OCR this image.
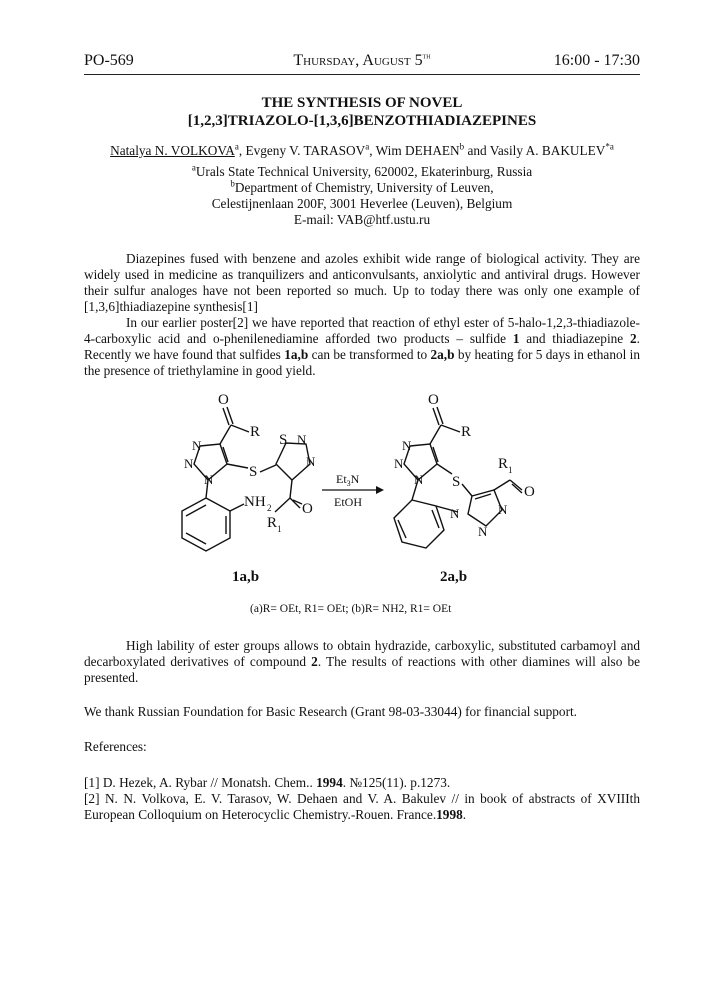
PO-569	Thursday, August 5th	16:00 - 17:30
THE SYNTHESIS OF NOVEL
[1,2,3]TRIAZOLO-[1,3,6]BENZOTHIADIAZEPINES
Natalya N. VOLKOVA$^a$, Evgeny V. TARASOV$^a$, Wim DEHAEN$^b$ and Vasily A. BAKULEV$^{*a}$
$^a$Urals State Technical University, 620002, Ekaterinburg, Russia
$^b$Department of Chemistry, University of Leuven,
Celestijnenlaan 200F, 3001 Heverlee (Leuven), Belgium
E-mail: VAB@htf.ustu.ru

Diazepines fused with benzene and azoles exhibit wide range of biological activity. They are widely used in medicine as tranquilizers and anticonvulsants, anxiolytic and antiviral drugs. However their sulfur analoges have not been reported so much. Up to today there was only one example of [1,3,6]thiadiazepine synthesis[1]

In our earlier poster[2] we have reported that reaction of ethyl ester of 5-halo-1,2,3-thiadiazole-4-carboxylic acid and o-phenilenediamine afforded two products – sulfide 1 and thiadiazepine 2. Recently we have found that sulfides 1a,b can be transformed to 2a,b by heating for 5 days in ethanol in the presence of triethylamine in good yield.

O
R
N
N
N S
S N
N
O
R 1
NH 2
$Et_3N$
EtOH
O
R
N
N
N S
R 1
O
N	N
N
1a,b	2a,b
(a)R= OEt, R1= OEt; (b)R= NH2, R1= OEt

High lability of ester groups allows to obtain hydrazide, carboxylic, substituted carbamoyl and decarboxylated derivatives of compound 2. The results of reactions with other diamines will also be presented.

We thank Russian Foundation for Basic Research (Grant 98-03-33044) for financial support.

References:

[1] D. Hezek, A. Rybar // Monatsh. Chem.. 1994. №125(11). p.1273.

[2] N. N. Volkova, E. V. Tarasov, W. Dehaen and V. A. Bakulev // in book of abstracts of XVIIIth European Colloquium on Heterocyclic Chemistry.-Rouen. France.1998.
